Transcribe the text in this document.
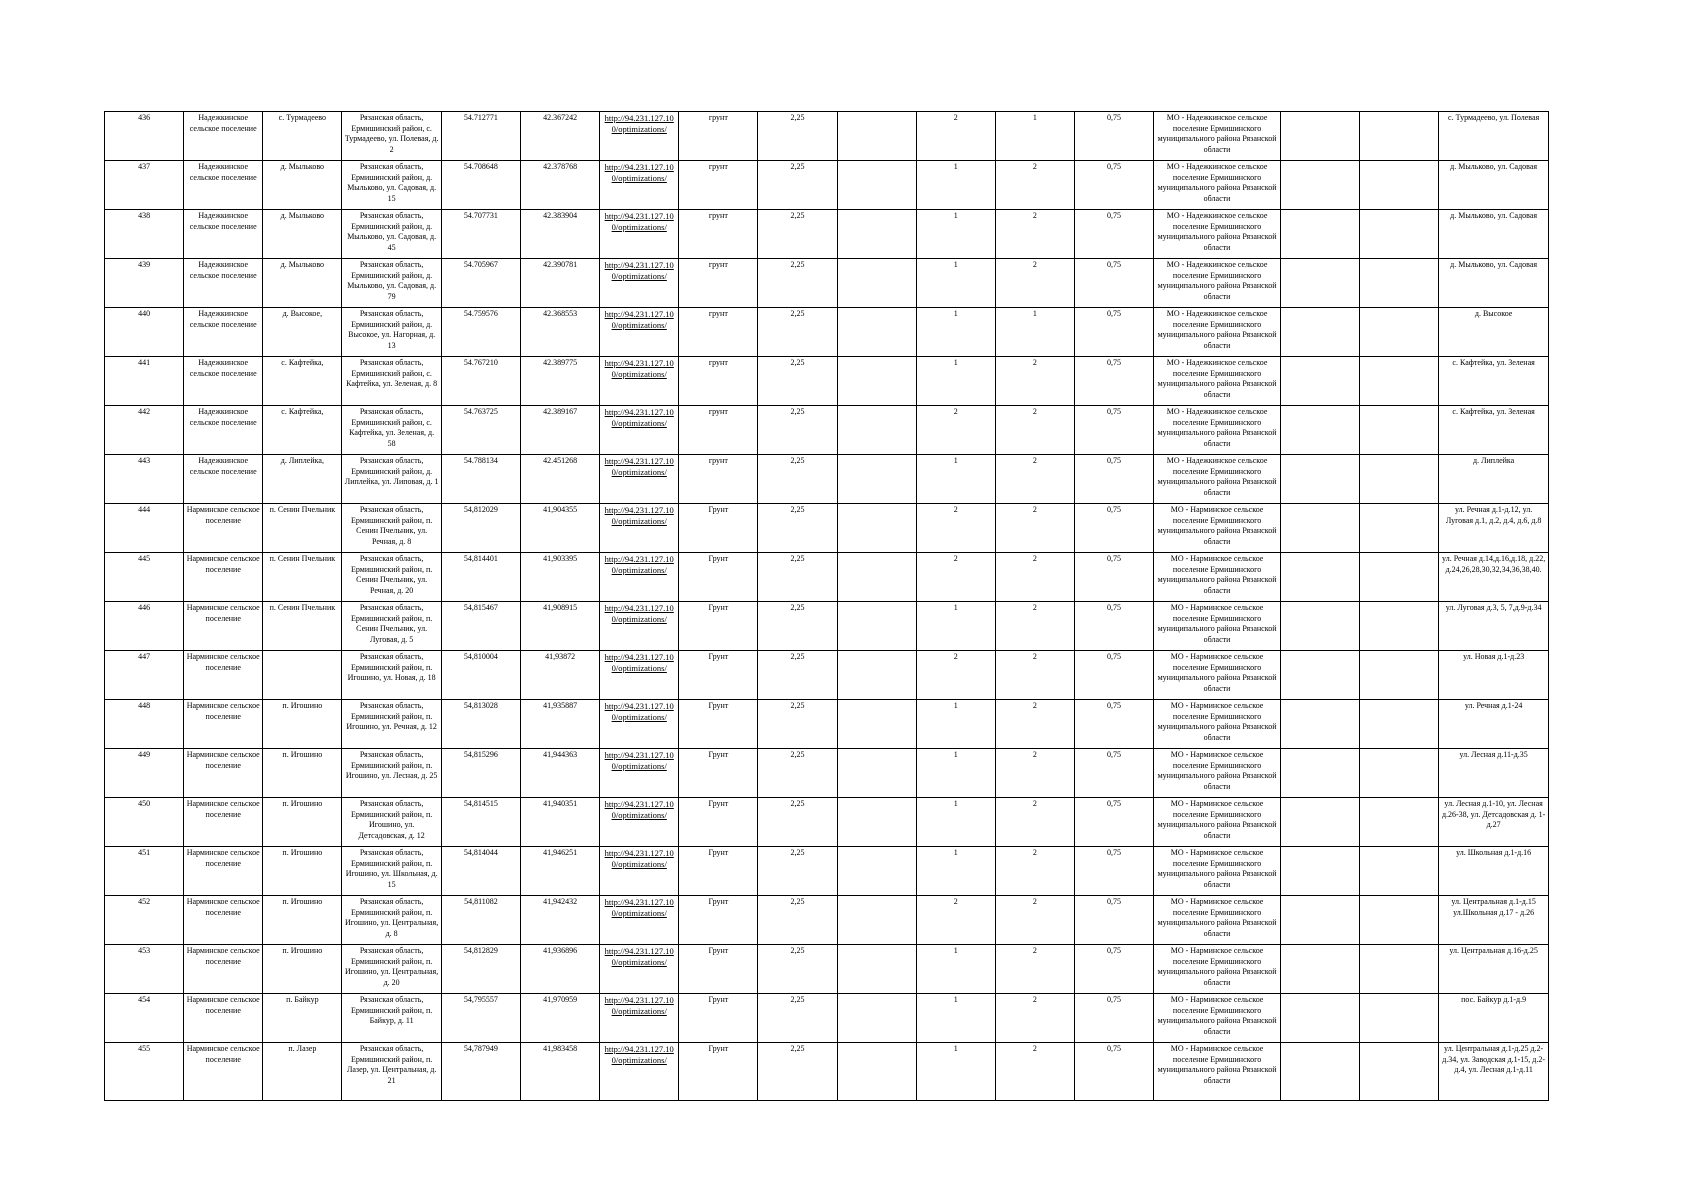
436	Надежкинское сельское поселение	с. Турмадеево	Рязанская область, Ермишинский район, с. Турмадеево, ул. Полевая, д. 2	54.712771	42.367242	http://94.231.127.10 0/optimizations/	грунт	2,25		2	1	0,75	МО - Надежкинское сельское поселение Ермишинского муниципального района Рязанской области			с. Турмадеево, ул. Полевая
437	Надежкинское сельское поселение	д. Мыльково	Рязанская область, Ермишинский район, д. Мыльково, ул. Садовая, д. 15	54.708648	42.378768	http://94.231.127.10 0/optimizations/	грунт	2,25		1	2	0,75	МО - Надежкинское сельское поселение Ермишинского муниципального района Рязанской области			д. Мыльково, ул. Садовая
438	Надежкинское сельское поселение	д. Мыльково	Рязанская область, Ермишинский район, д. Мыльково, ул. Садовая, д. 45	54.707731	42.383904	http://94.231.127.10 0/optimizations/	грунт	2,25		1	2	0,75	МО - Надежкинское сельское поселение Ермишинского муниципального района Рязанской области			д. Мыльково, ул. Садовая
439	Надежкинское сельское поселение	д. Мыльково	Рязанская область, Ермишинский район, д. Мыльково, ул. Садовая, д. 79	54.705967	42.390781	http://94.231.127.10 0/optimizations/	грунт	2,25		1	2	0,75	МО - Надежкинское сельское поселение Ермишинского муниципального района Рязанской области			д. Мыльково, ул. Садовая
440	Надежкинское сельское поселение	д. Высокое,	Рязанская область, Ермишинский район, д. Высокое, ул. Нагорная, д. 13	54.759576	42.368553	http://94.231.127.10 0/optimizations/	грунт	2,25		1	1	0,75	МО - Надежкинское сельское поселение Ермишинского муниципального района Рязанской области			д. Высокое
441	Надежкинское сельское поселение	с. Кафтейка,	Рязанская область, Ермишинский район, с. Кафтейка, ул. Зеленая, д. 8	54.767210	42.389775	http://94.231.127.10 0/optimizations/	грунт	2,25		1	2	0,75	МО - Надежкинское сельское поселение Ермишинского муниципального района Рязанской области			с. Кафтейка, ул. Зеленая
442	Надежкинское сельское поселение	с. Кафтейка,	Рязанская область, Ермишинский район, с. Кафтейка, ул. Зеленая, д. 58	54.763725	42.389167	http://94.231.127.10 0/optimizations/	грунт	2,25		2	2	0,75	МО - Надежкинское сельское поселение Ермишинского муниципального района Рязанской области			с. Кафтейка, ул. Зеленая
443	Надежкинское сельское поселение	д. Липлейка,	Рязанская область, Ермишинский район, д. Липлейка, ул. Липовая, д. 1	54.788134	42.451268	http://94.231.127.10 0/optimizations/	грунт	2,25		1	2	0,75	МО - Надежкинское сельское поселение Ермишинского муниципального района Рязанской области			д. Липлейка
444	Нарминское сельское поселение	п. Сенин Пчельник	Рязанская область, Ермишинский район, п. Сенин Пчельник, ул. Речная, д. 8	54,812029	41,904355	http://94.231.127.10 0/optimizations/	Грунт	2,25		2	2	0,75	МО - Нарминское сельское поселение Ермишинского муниципального района Рязанской области			ул. Речная д.1-д.12, ул. Луговая д.1, д.2, д.4, д.6, д.8
445	Нарминское сельское поселение	п. Сенин Пчельник	Рязанская область, Ермишинский район, п. Сенин Пчельник, ул. Речная, д. 20	54,814401	41,903395	http://94.231.127.10 0/optimizations/	Грунт	2,25		2	2	0,75	МО - Нарминское сельское поселение Ермишинского муниципального района Рязанской области			ул. Речная д.14,д.16,д.18, д.22, д.24,26,28,30,32,34,36,38,40.
446	Нарминское сельское поселение	п. Сенин Пчельник	Рязанская область, Ермишинский район, п. Сенин Пчельник, ул. Луговая, д. 5	54,815467	41,908915	http://94.231.127.10 0/optimizations/	Грунт	2,25		1	2	0,75	МО - Нарминское сельское поселение Ермишинского муниципального района Рязанской области			ул. Луговая д.3, 5, 7,д.9-д.34
447	Нарминское сельское поселение		Рязанская область, Ермишинский район, п. Игошино, ул. Новая, д. 18	54,810004	41,93872	http://94.231.127.10 0/optimizations/	Грунт	2,25		2	2	0,75	МО - Нарминское сельское поселение Ермишинского муниципального района Рязанской области			ул. Новая д.1-д.23
448	Нарминское сельское поселение	п. Игошино	Рязанская область, Ермишинский район, п. Игошино, ул. Речная, д. 12	54,813028	41,935887	http://94.231.127.10 0/optimizations/	Грунт	2,25		1	2	0,75	МО - Нарминское сельское поселение Ермишинского муниципального района Рязанской области			ул. Речная д.1-24
449	Нарминское сельское поселение	п. Игошино	Рязанская область, Ермишинский район, п. Игошино, ул. Лесная, д. 25	54,815296	41,944363	http://94.231.127.10 0/optimizations/	Грунт	2,25		1	2	0,75	МО - Нарминское сельское поселение Ермишинского муниципального района Рязанской области			ул. Лесная д.11-д.35
450	Нарминское сельское поселение	п. Игошино	Рязанская область, Ермишинский район, п. Игошино, ул. Детсадовская, д. 12	54,814515	41,940351	http://94.231.127.10 0/optimizations/	Грунт	2,25		1	2	0,75	МО - Нарминское сельское поселение Ермишинского муниципального района Рязанской области			ул. Лесная д.1-10, ул. Лесная д.26-38, ул. Детсадовская д. 1-д.27
451	Нарминское сельское поселение	п. Игошино	Рязанская область, Ермишинский район, п. Игошино, ул. Школьная, д. 15	54,814044	41,946251	http://94.231.127.10 0/optimizations/	Грунт	2,25		1	2	0,75	МО - Нарминское сельское поселение Ермишинского муниципального района Рязанской области			ул. Школьная д.1-д.16
452	Нарминское сельское поселение	п. Игошино	Рязанская область, Ермишинский район, п. Игошино, ул. Центральная, д. 8	54,811082	41,942432	http://94.231.127.10 0/optimizations/	Грунт	2,25		2	2	0,75	МО - Нарминское сельское поселение Ермишинского муниципального района Рязанской области			ул. Центральная д.1-д.15 ул.Школьная д.17 - д.26
453	Нарминское сельское поселение	п. Игошино	Рязанская область, Ермишинский район, п. Игошино, ул. Центральная, д. 20	54,812829	41,936896	http://94.231.127.10 0/optimizations/	Грунт	2,25		1	2	0,75	МО - Нарминское сельское поселение Ермишинского муниципального района Рязанской области			ул. Центральная д.16-д.25
454	Нарминское сельское поселение	п. Байкур	Рязанская область, Ермишинский район, п. Байкур, д. 11	54,795557	41,970959	http://94.231.127.10 0/optimizations/	Грунт	2,25		1	2	0,75	МО - Нарминское сельское поселение Ермишинского муниципального района Рязанской области			пос. Байкур д.1-д.9
455	Нарминское сельское поселение	п. Лазер	Рязанская область, Ермишинский район, п. Лазер, ул. Центральная, д. 21	54,787949	41,983458	http://94.231.127.10 0/optimizations/	Грунт	2,25		1	2	0,75	МО - Нарминское сельское поселение Ермишинского муниципального района Рязанской области			ул. Центральная д.1-д.25 д.2-д.34, ул. Заводская д.1-15, д.2-д.4, ул. Лесная д.1-д.11
